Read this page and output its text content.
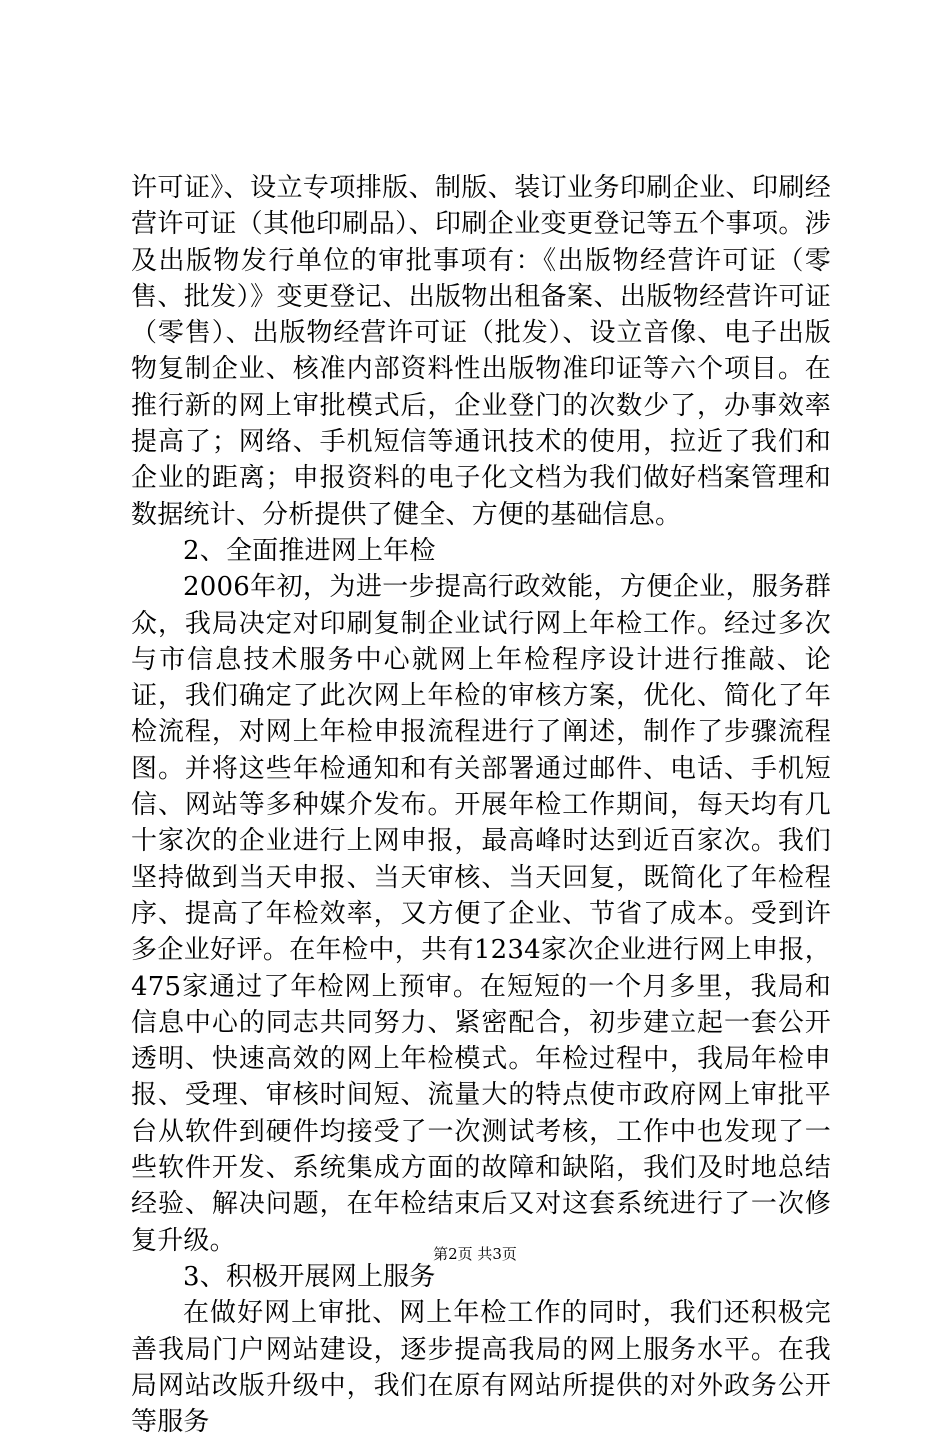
许可证》、设立专项排版、制版、装订业务印刷企业、印刷经营许可证（其他印刷品）、印刷企业变更登记等五个事项。涉及出版物发行单位的审批事项有：《出版物经营许可证（零售、批发）》变更登记、出版物出租备案、出版物经营许可证（零售）、出版物经营许可证（批发）、设立音像、电子出版物复制企业、核准内部资料性出版物准印证等六个项目。在推行新的网上审批模式后，企业登门的次数少了，办事效率提高了；网络、手机短信等通讯技术的使用，拉近了我们和企业的距离；申报资料的电子化文档为我们做好档案管理和数据统计、分析提供了健全、方便的基础信息。

2、全面推进网上年检

2006年初，为进一步提高行政效能，方便企业，服务群众，我局决定对印刷复制企业试行网上年检工作。经过多次与市信息技术服务中心就网上年检程序设计进行推敲、论证，我们确定了此次网上年检的审核方案，优化、简化了年检流程，对网上年检申报流程进行了阐述，制作了步骤流程图。并将这些年检通知和有关部署通过邮件、电话、手机短信、网站等多种媒介发布。开展年检工作期间，每天均有几十家次的企业进行上网申报，最高峰时达到近百家次。我们坚持做到当天申报、当天审核、当天回复，既简化了年检程序、提高了年检效率，又方便了企业、节省了成本。受到许多企业好评。在年检中，共有1234家次企业进行网上申报，475家通过了年检网上预审。在短短的一个月多里，我局和信息中心的同志共同努力、紧密配合，初步建立起一套公开透明、快速高效的网上年检模式。年检过程中，我局年检申报、受理、审核时间短、流量大的特点使市政府网上审批平台从软件到硬件均接受了一次测试考核，工作中也发现了一些软件开发、系统集成方面的故障和缺陷，我们及时地总结经验、解决问题，在年检结束后又对这套系统进行了一次修复升级。

3、积极开展网上服务

在做好网上审批、网上年检工作的同时，我们还积极完善我局门户网站建设，逐步提高我局的网上服务水平。在我局网站改版升级中，我们在原有网站所提供的对外政务公开等服务

第2页 共3页
